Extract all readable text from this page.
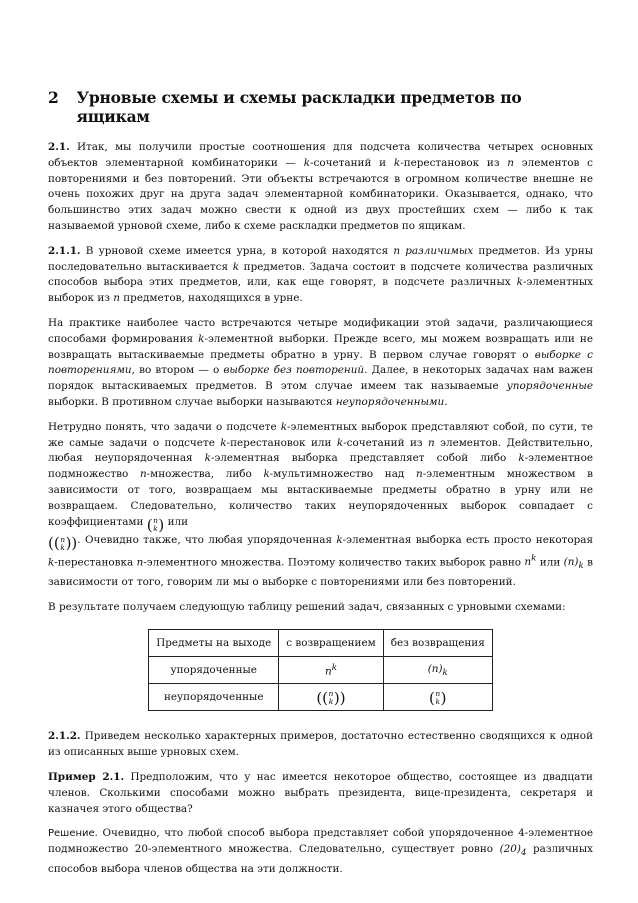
2 Урновые схемы и схемы раскладки предметов по ящикам

2.1. Итак, мы получили простые соотношения для подсчета количества четырех основных объектов элементарной комбинаторики — k-сочетаний и k-перестановок из n элементов с повторениями и без повторений. Эти объекты встречаются в огромном количестве внешне не очень похожих друг на друга задач элементарной комбинаторики. Оказывается, однако, что большинство этих задач можно свести к одной из двух простейших схем — либо к так называемой урновой схеме, либо к схеме раскладки предметов по ящикам.

2.1.1. В урновой схеме имеется урна, в которой находятся n различимых предметов. Из урны последовательно вытаскивается k предметов. Задача состоит в подсчете количества различных способов выбора этих предметов, или, как еще говорят, в подсчете различных k-элементных выборок из n предметов, находящихся в урне.

На практике наиболее часто встречаются четыре модификации этой задачи, различающиеся способами формирования k-элементной выборки. Прежде всего, мы можем возвращать или не возвращать вытаскиваемые предметы обратно в урну. В первом случае говорят о выборке с повторениями, во втором — о выборке без повторений. Далее, в некоторых задачах нам важен порядок вытаскиваемых предметов. В этом случае имеем так называемые упорядоченные выборки. В противном случае выборки называются неупорядоченными.

Нетрудно понять, что задачи о подсчете k-элементных выборок представляют собой, по сути, те же самые задачи о подсчете k-перестановок или k-сочетаний из n элементов. Действительно, любая неупорядоченная k-элементная выборка представляет собой либо k-элементное подмножество n-множества, либо k-мультимножество над n-элементным множеством в зависимости от того, возвращаем мы вытаскиваемые предметы обратно в урну или не возвращаем. Следовательно, количество таких неупорядоченных выборок совпадает с коэффициентами ( n
k ) или

(( n
k )) . Очевидно также, что любая упорядоченная k-элементная выборка есть просто некоторая k-перестановка n-элементного множества. Поэтому количество таких выборок равно $n^k$ или $(n)_k$ в зависимости от того, говорим ли мы о выборке с повторениями или без повторений.

В результате получаем следующую таблицу решений задач, связанных с урновыми схемами:

Предметы на выходе	с возвращением	без возвращения
упорядоченные	$n^k$	$(n)_k$
неупорядоченные	(( n
k ))	( n
k )

2.1.2. Приведем несколько характерных примеров, достаточно естественно сводящихся к одной из описанных выше урновых схем.

Пример 2.1. Предположим, что у нас имеется некоторое общество, состоящее из двадцати членов. Сколькими способами можно выбрать президента, вице-президента, секретаря и казначея этого общества?

Решение. Очевидно, что любой способ выбора представляет собой упорядоченное 4-элементное подмножество 20-элементного множества. Следовательно, существует ровно $(20)_4$ различных способов выбора членов общества на эти должности.
